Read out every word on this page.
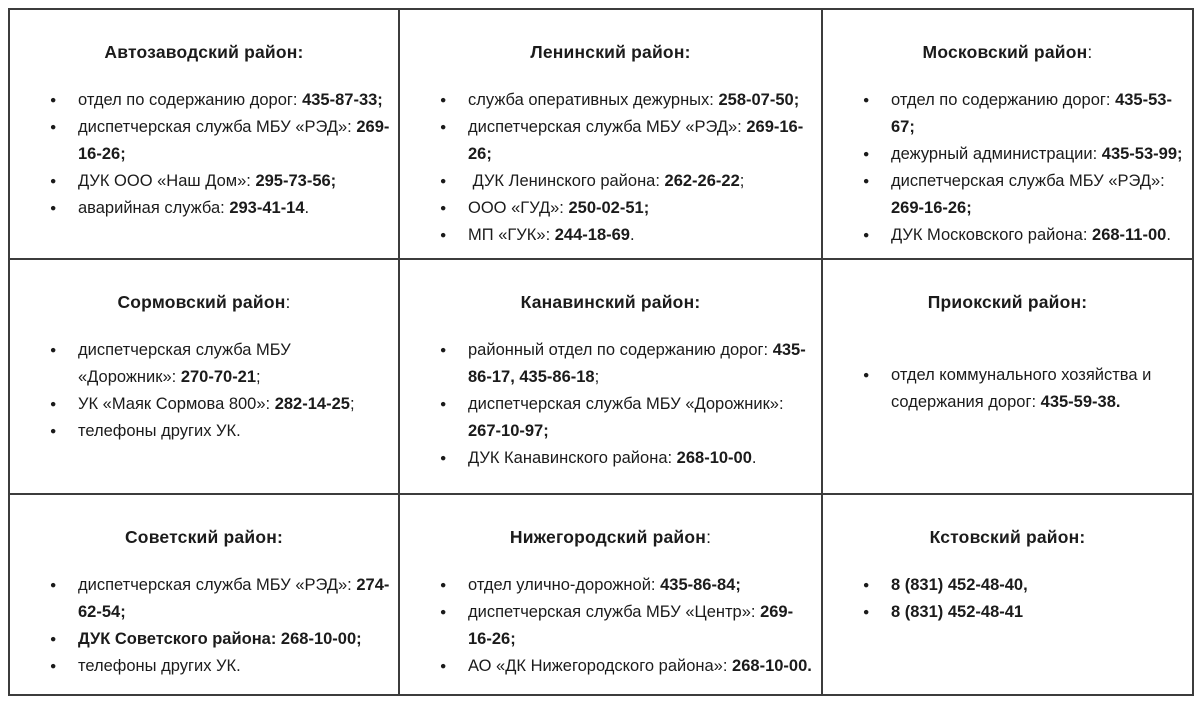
Автозаводский район:
● отдел по содержанию дорог: 435-87-33;
● диспетчерская служба МБУ «РЭД»: 269-16-26;
● ДУК ООО «Наш Дом»: 295-73-56;
● аварийная служба: 293-41-14.
Ленинский район:
● служба оперативных дежурных: 258-07-50;
● диспетчерская служба МБУ «РЭД»: 269-16-26;
●  ДУК Ленинского района: 262-26-22;
● ООО «ГУД»: 250-02-51;
● МП «ГУК»: 244-18-69.
Московский район:
● отдел по содержанию дорог: 435-53-67;
● дежурный администрации: 435-53-99;
● диспетчерская служба МБУ «РЭД»: 269-16-26;
● ДУК Московского района: 268-11-00.
Сормовский район:
● диспетчерская служба МБУ «Дорожник»: 270-70-21;
● УК «Маяк Сормова 800»: 282-14-25;
● телефоны других УК.
Канавинский район:
● районный отдел по содержанию дорог: 435-86-17, 435-86-18;
● диспетчерская служба МБУ «Дорожник»: 267-10-97;
● ДУК Канавинского района: 268-10-00.
Приокский район:
● отдел коммунального хозяйства и содержания дорог: 435-59-38.
Советский район:
● диспетчерская служба МБУ «РЭД»: 274-62-54;
● ДУК Советского района: 268-10-00;
● телефоны других УК.
Нижегородский район:
● отдел улично-дорожной: 435-86-84;
● диспетчерская служба МБУ «Центр»: 269-16-26;
● АО «ДК Нижегородского района»: 268-10-00.
Кстовский район:
● 8 (831) 452-48-40,
● 8 (831) 452-48-41
